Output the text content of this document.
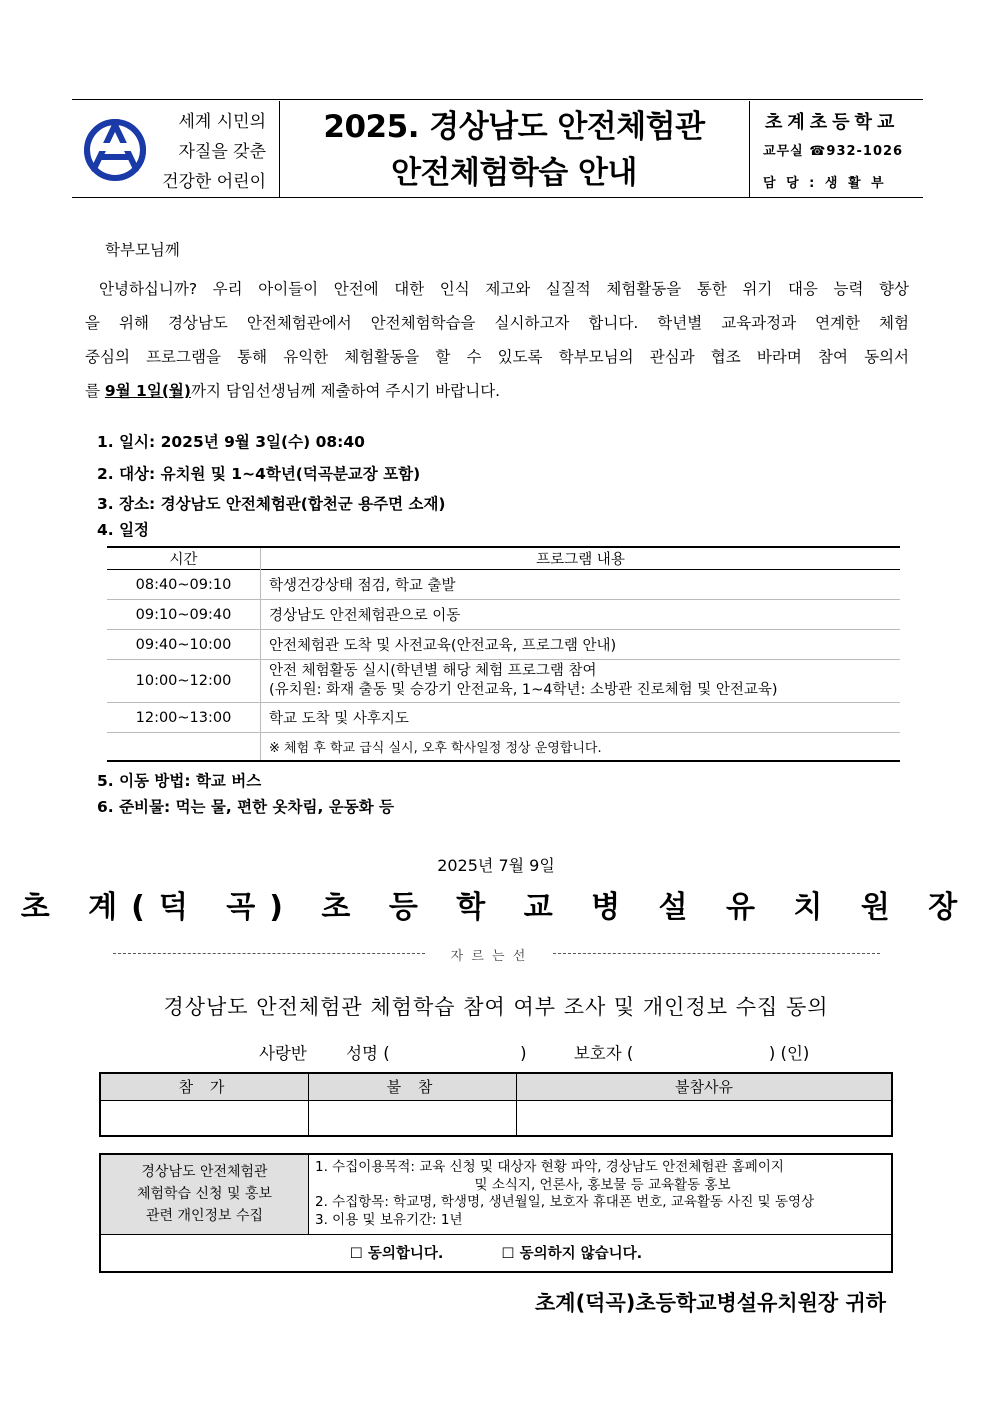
세계 시민의
자질을 갖춘
건강한 어린이
2025. 경상남도 안전체험관
안전체험학습 안내
초계초등학교
교무실 ☎932-1026
담 당 : 생 활 부
학부모님께
안녕하십니까? 우리 아이들이 안전에 대한 인식 제고와 실질적 체험활동을 통한 위기 대응 능력 향상
을 위해 경상남도 안전체험관에서 안전체험학습을 실시하고자 합니다. 학년별 교육과정과 연계한 체험
중심의 프로그램을 통해 유익한 체험활동을 할 수 있도록 학부모님의 관심과 협조 바라며 참여 동의서
를 9월 1일(월)까지 담임선생님께 제출하여 주시기 바랍니다.
1. 일시: 2025년 9월 3일(수) 08:40
2. 대상: 유치원 및 1~4학년(덕곡분교장 포함)
3. 장소: 경상남도 안전체험관(합천군 용주면 소재)
4. 일정
시간	프로그램 내용
08:40~09:10	학생건강상태 점검, 학교 출발
09:10~09:40	경상남도 안전체험관으로 이동
09:40~10:00	안전체험관 도착 및 사전교육(안전교육, 프로그램 안내)
10:00~12:00	안전 체험활동 실시(학년별 해당 체험 프로그램 참여
(유치원: 화재 출동 및 승강기 안전교육, 1~4학년: 소방관 진로체험 및 안전교육)

12:00~13:00	학교 도착 및 사후지도
	※ 체험 후 학교 급식 실시, 오후 학사일정 정상 운영합니다.
5. 이동 방법: 학교 버스
6. 준비물: 먹는 물, 편한 옷차림, 운동화 등
2025년 7월 9일
초 계(덕 곡) 초 등 학 교 병 설 유 치 원 장
자 르 는 선
경상남도 안전체험관 체험학습 참여 여부 조사 및 개인정보 수집 동의
사랑반 성명 (	)	보호자 (	) (인)
참 가	불 참	불참사유

경상남도 안전체험관
체험학습 신청 및 홍보
관련 개인정보 수집

1. 수집이용목적: 교육 신청 및 대상자 현황 파악, 경상남도 안전체험관 홈페이지
및 소식지, 언론사, 홍보물 등 교육활동 홍보
2. 수집항목: 학교명, 학생명, 생년월일, 보호자 휴대폰 번호, 교육활동 사진 및 동영상
3. 이용 및 보유기간: 1년

☐ 동의합니다.	☐ 동의하지 않습니다.
초계(덕곡)초등학교병설유치원장 귀하
